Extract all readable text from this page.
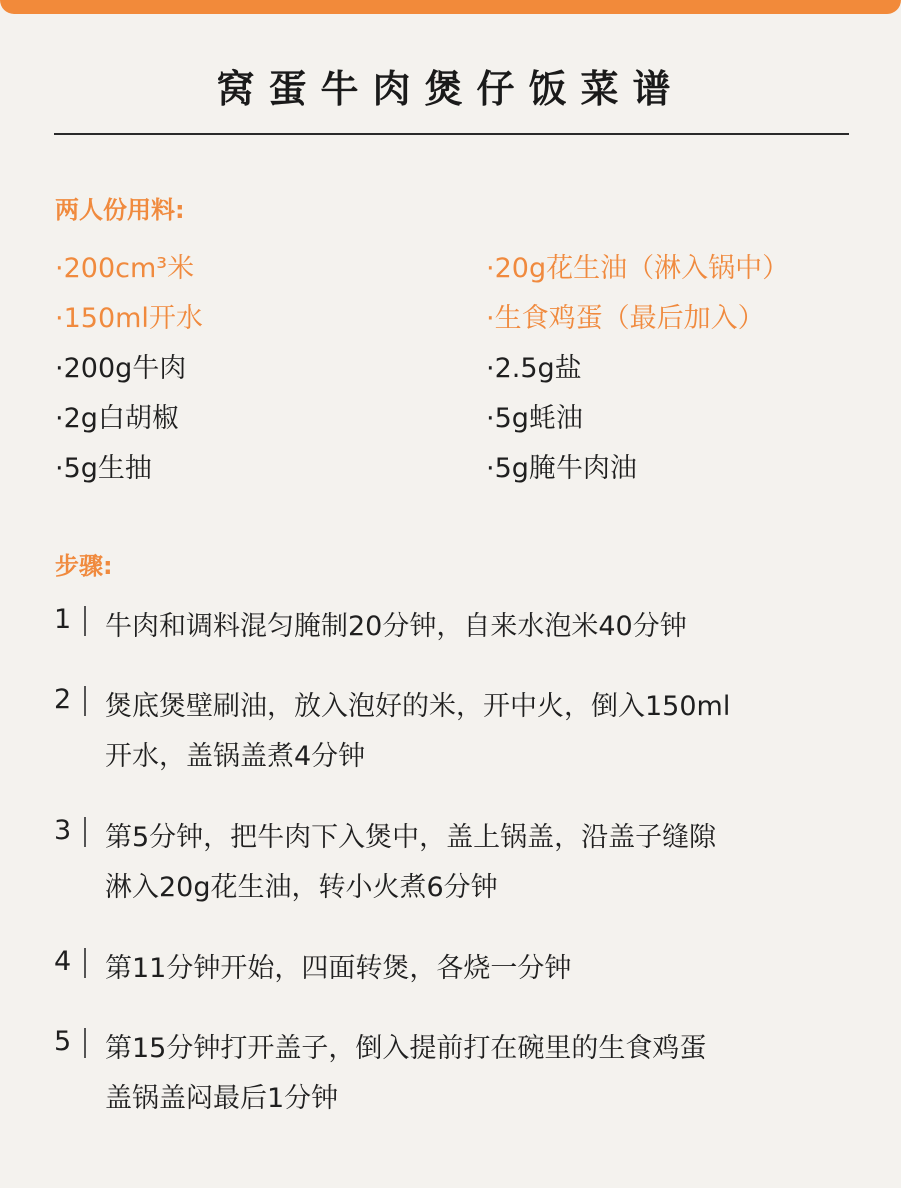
窝蛋牛肉煲仔饭菜谱
两人份用料:
·200cm³米
·150ml开水
·200g牛肉
·2g白胡椒
·5g生抽
·20g花生油（淋入锅中）
·生食鸡蛋（最后加入）
·2.5g盐
·5g蚝油
·5g腌牛肉油
步骤:
1 牛肉和调料混匀腌制20分钟，自来水泡米40分钟
2 煲底煲壁刷油，放入泡好的米，开中火，倒入150ml
开水，盖锅盖煮4分钟
3 第5分钟，把牛肉下入煲中，盖上锅盖，沿盖子缝隙
淋入20g花生油，转小火煮6分钟
4 第11分钟开始，四面转煲，各烧一分钟
5 第15分钟打开盖子，倒入提前打在碗里的生食鸡蛋
盖锅盖闷最后1分钟
